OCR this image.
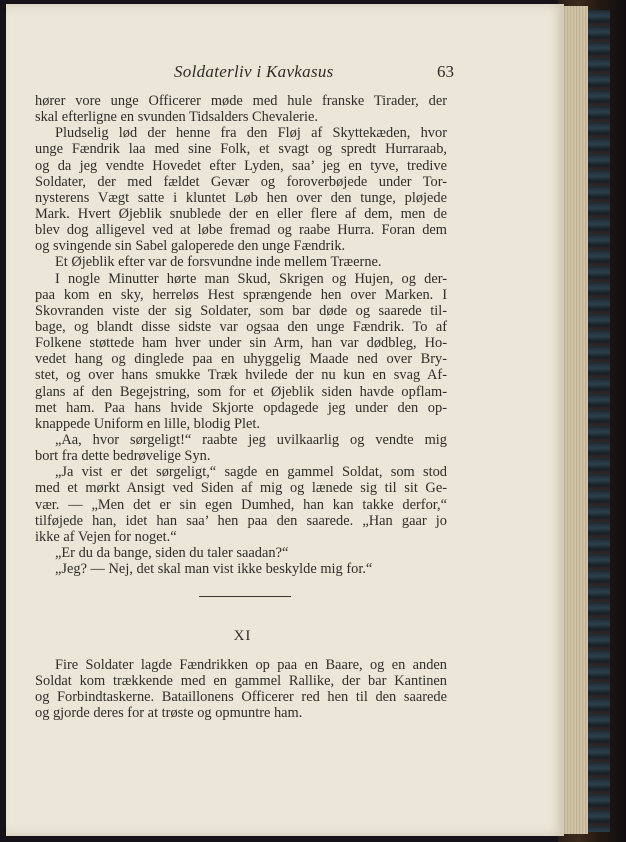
Soldaterliv i Kavkasus	63
hører vore unge Officerer møde med hule franske Tirader, der
skal efterligne en svunden Tidsalders Chevalerie.
Pludselig lød der henne fra den Fløj af Skyttekæden, hvor
unge Fændrik laa med sine Folk, et svagt og spredt Hurraraab,
og da jeg vendte Hovedet efter Lyden, saa’ jeg en tyve, tredive
Soldater, der med fældet Gevær og foroverbøjede under Tor-
nysterens Vægt satte i kluntet Løb hen over den tunge, pløjede
Mark. Hvert Øjeblik snublede der en eller flere af dem, men de
blev dog alligevel ved at løbe fremad og raabe Hurra. Foran dem
og svingende sin Sabel galoperede den unge Fændrik.
Et Øjeblik efter var de forsvundne inde mellem Træerne.
I nogle Minutter hørte man Skud, Skrigen og Hujen, og der-
paa kom en sky, herreløs Hest sprængende hen over Marken. I
Skovranden viste der sig Soldater, som bar døde og saarede til-
bage, og blandt disse sidste var ogsaa den unge Fændrik. To af
Folkene støttede ham hver under sin Arm, han var dødbleg, Ho-
vedet hang og dinglede paa en uhyggelig Maade ned over Bry-
stet, og over hans smukke Træk hvilede der nu kun en svag Af-
glans af den Begejstring, som for et Øjeblik siden havde opflam-
met ham. Paa hans hvide Skjorte opdagede jeg under den op-
knappede Uniform en lille, blodig Plet.
„Aa, hvor sørgeligt!“ raabte jeg uvilkaarlig og vendte mig
bort fra dette bedrøvelige Syn.
„Ja vist er det sørgeligt,“ sagde en gammel Soldat, som stod
med et mørkt Ansigt ved Siden af mig og lænede sig til sit Ge-
vær. — „Men det er sin egen Dumhed, han kan takke derfor,“
tilføjede han, idet han saa’ hen paa den saarede. „Han gaar jo
ikke af Vejen for noget.“
„Er du da bange, siden du taler saadan?“
„Jeg? — Nej, det skal man vist ikke beskylde mig for.“
XI
Fire Soldater lagde Fændrikken op paa en Baare, og en anden
Soldat kom trækkende med en gammel Rallike, der bar Kantinen
og Forbindtaskerne. Bataillonens Officerer red hen til den saarede
og gjorde deres for at trøste og opmuntre ham.
